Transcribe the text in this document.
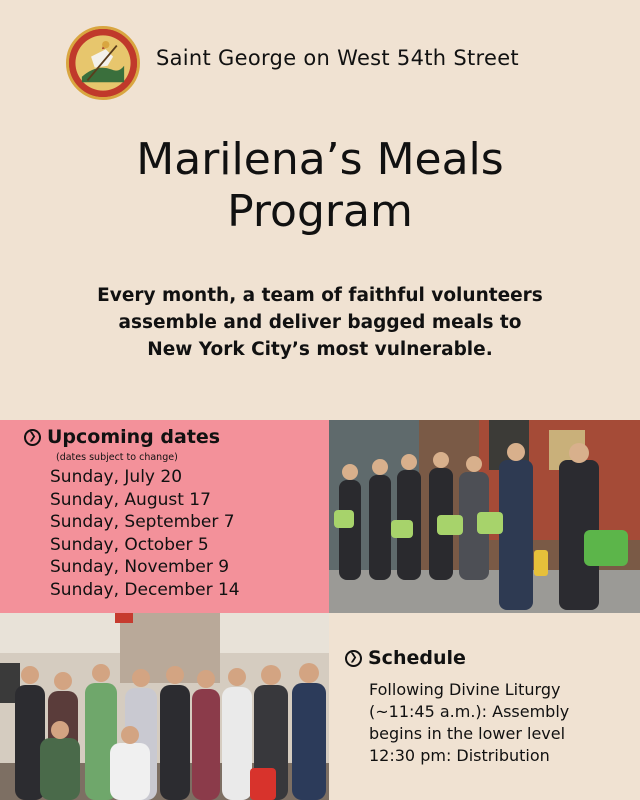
Saint George on West 54th Street
Marilena’s Meals
Program
Every month, a team of faithful volunteers
assemble and deliver bagged meals to
New York City’s most vulnerable.
❯ Upcoming dates
(dates subject to change)
Sunday, July 20
Sunday, August 17
Sunday, September 7
Sunday, October 5
Sunday, November 9
Sunday, December 14
❯ Schedule
Following Divine Liturgy
(~11:45 a.m.): Assembly
begins in the lower level
12:30 pm: Distribution
